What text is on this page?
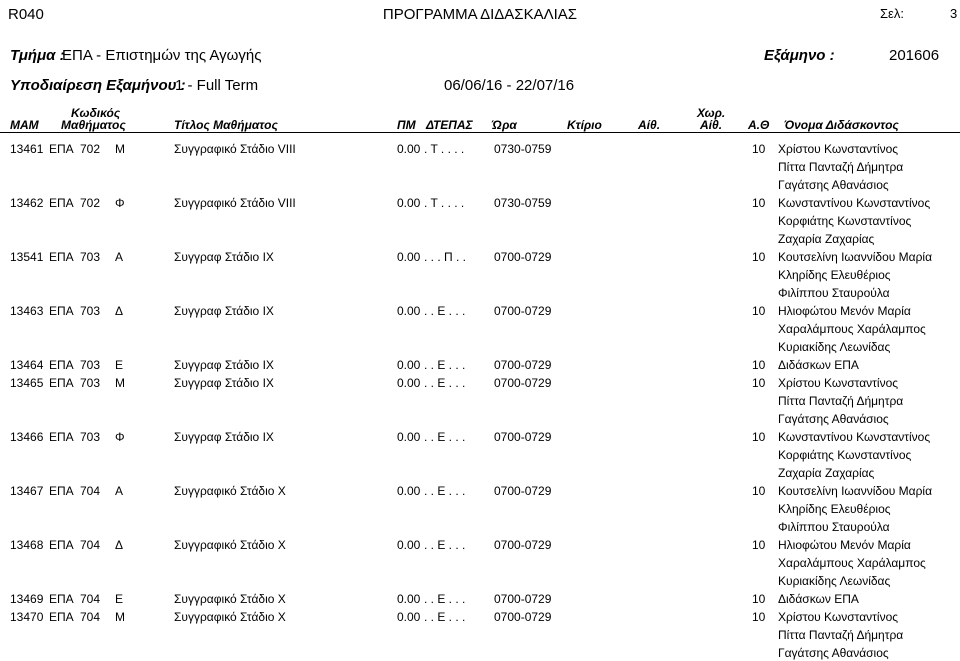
R040	ΠΡΟΓΡΑΜΜΑ ΔΙΔΑΣΚΑΛΙΑΣ	Σελ:	3
Τμήμα :
ΕΠΑ - Επιστημών της Αγωγής	Εξάμηνο :	201606
Υποδιαίρεση Εξαμήνου :
1 - Full Term	06/06/16 - 22/07/16
ΜΑΜ
Κωδικός
Μαθήματος	Τίτλος Μαθήματος	ΠΜ ΔΤΕΠΑΣ Ώρα	Κτίριο	Αίθ.
Χωρ.
Αίθ. Α.Θ Όνομα Διδάσκοντος
13461 ΕΠΑ 702 Μ	Συγγραφικό Στάδιο VIII	0.00 . Τ . . . . 0730-0759	10 Χρίστου Κωνσταντίνος
Πίττα Πανταζή Δήμητρα
Γαγάτσης Αθανάσιος
13462 ΕΠΑ 702 Φ	Συγγραφικό Στάδιο VIII	0.00 . Τ . . . . 0730-0759	10 Κωνσταντίνου Κωνσταντίνος
Κορφιάτης Κωνσταντίνος
Ζαχαρία Ζαχαρίας
13541 ΕΠΑ 703 Α	Συγγραφ Στάδιο IX	0.00 . . . Π . . 0700-0729	10 Κουτσελίνη Ιωαννίδου Μαρία
Κληρίδης Ελευθέριος
Φιλίππου Σταυρούλα
13463 ΕΠΑ 703 Δ	Συγγραφ Στάδιο IX	0.00 . . Ε . . . 0700-0729	10 Ηλιοφώτου Μενόν Μαρία
Χαραλάμπους Χαράλαμπος
Κυριακίδης Λεωνίδας
13464 ΕΠΑ 703 Ε	Συγγραφ Στάδιο IX	0.00 . . Ε . . . 0700-0729	10 Διδάσκων ΕΠΑ
13465 ΕΠΑ 703 Μ	Συγγραφ Στάδιο IX	0.00 . . Ε . . . 0700-0729	10 Χρίστου Κωνσταντίνος
Πίττα Πανταζή Δήμητρα
Γαγάτσης Αθανάσιος
13466 ΕΠΑ 703 Φ	Συγγραφ Στάδιο IX	0.00 . . Ε . . . 0700-0729	10 Κωνσταντίνου Κωνσταντίνος
Κορφιάτης Κωνσταντίνος
Ζαχαρία Ζαχαρίας
13467 ΕΠΑ 704 Α	Συγγραφικό Στάδιο Χ	0.00 . . Ε . . . 0700-0729	10 Κουτσελίνη Ιωαννίδου Μαρία
Κληρίδης Ελευθέριος
Φιλίππου Σταυρούλα
13468 ΕΠΑ 704 Δ	Συγγραφικό Στάδιο Χ	0.00 . . Ε . . . 0700-0729	10 Ηλιοφώτου Μενόν Μαρία
Χαραλάμπους Χαράλαμπος
Κυριακίδης Λεωνίδας
13469 ΕΠΑ 704 Ε	Συγγραφικό Στάδιο Χ	0.00 . . Ε . . . 0700-0729	10 Διδάσκων ΕΠΑ
13470 ΕΠΑ 704 Μ	Συγγραφικό Στάδιο Χ	0.00 . . Ε . . . 0700-0729	10 Χρίστου Κωνσταντίνος
Πίττα Πανταζή Δήμητρα
Γαγάτσης Αθανάσιος
